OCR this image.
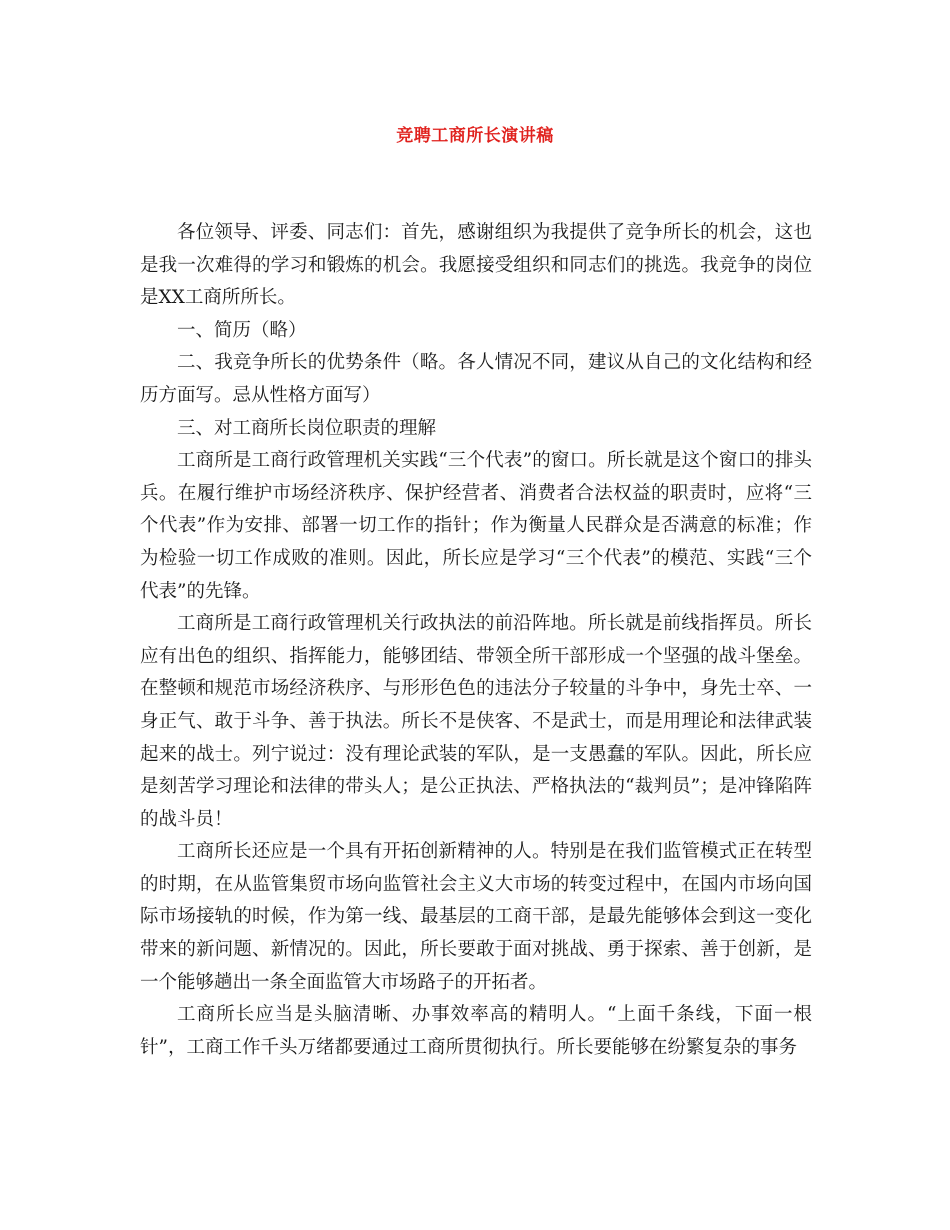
竞聘工商所长演讲稿

各位领导、评委、同志们：首先，感谢组织为我提供了竞争所长的机会，这也是我一次难得的学习和锻炼的机会。我愿接受组织和同志们的挑选。我竞争的岗位是XX工商所所长。

一、简历（略）

二、我竞争所长的优势条件（略。各人情况不同，建议从自己的文化结构和经历方面写。忌从性格方面写）

三、对工商所长岗位职责的理解

工商所是工商行政管理机关实践“三个代表”的窗口。所长就是这个窗口的排头兵。在履行维护市场经济秩序、保护经营者、消费者合法权益的职责时，应将“三个代表”作为安排、部署一切工作的指针；作为衡量人民群众是否满意的标准；作为检验一切工作成败的准则。因此，所长应是学习“三个代表”的模范、实践“三个代表”的先锋。

工商所是工商行政管理机关行政执法的前沿阵地。所长就是前线指挥员。所长应有出色的组织、指挥能力，能够团结、带领全所干部形成一个坚强的战斗堡垒。在整顿和规范市场经济秩序、与形形色色的违法分子较量的斗争中，身先士卒、一身正气、敢于斗争、善于执法。所长不是侠客、不是武士，而是用理论和法律武装起来的战士。列宁说过：没有理论武装的军队，是一支愚蠢的军队。因此，所长应是刻苦学习理论和法律的带头人；是公正执法、严格执法的“裁判员”；是冲锋陷阵的战斗员！

工商所长还应是一个具有开拓创新精神的人。特别是在我们监管模式正在转型的时期，在从监管集贸市场向监管社会主义大市场的转变过程中，在国内市场向国际市场接轨的时候，作为第一线、最基层的工商干部，是最先能够体会到这一变化带来的新问题、新情况的。因此，所长要敢于面对挑战、勇于探索、善于创新，是一个能够趟出一条全面监管大市场路子的开拓者。

工商所长应当是头脑清晰、办事效率高的精明人。“上面千条线，下面一根针”，工商工作千头万绪都要通过工商所贯彻执行。所长要能够在纷繁复杂的事务
